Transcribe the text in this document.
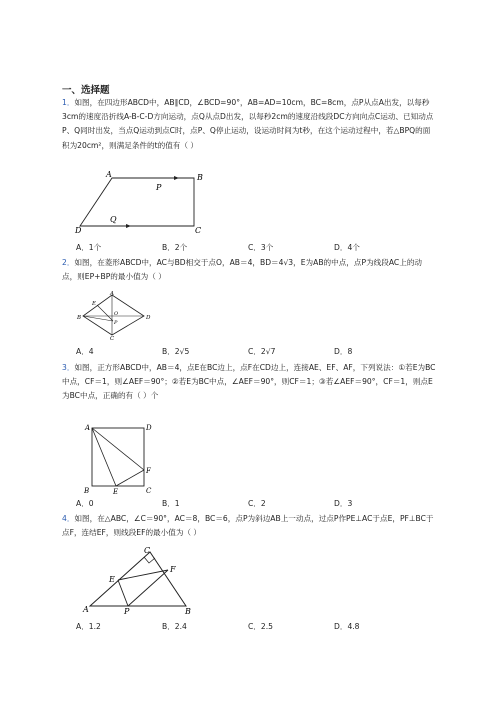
一、选择题
1．如图，在四边形ABCD中，AB∥CD，∠BCD=90°，AB=AD=10cm，BC=8cm，点P从点A出发，以每秒3cm的速度沿折线A-B-C-D方向运动，点Q从点D出发，以每秒2cm的速度沿线段DC方向向点C运动、已知动点P、Q同时出发，当点Q运动到点C时，点P、Q停止运动，设运动时间为t秒，在这个运动过程中，若△BPQ的面积为20cm²，则满足条件的t的值有（ ）
A	B
C
D
P
Q
A．1个	B．2个	C．3个	D．4个
2．如图，在菱形ABCD中，AC与BD相交于点O，AB＝4，BD＝4√3，E为AB的中点，点P为线段AC上的动点，则EP+BP的最小值为（ ）
A
B
C
D
E
O
P
A．4	B．2√5	C．2√7	D．8
3．如图，正方形ABCD中，AB＝4，点E在BC边上，点F在CD边上，连接AE、EF、AF，下列说法：①若E为BC中点，CF＝1，则∠AEF＝90°；②若E为BC中点，∠AEF＝90°，则CF＝1；③若∠AEF＝90°，CF＝1，则点E为BC中点，正确的有（ ）个
A	D
B	E	C
F
A．0	B．1	C．2	D．3
4．如图，在△ABC，∠C＝90°，AC＝8，BC＝6，点P为斜边AB上一动点，过点P作PE⊥AC于点E，PF⊥BC于点F，连结EF，则线段EF的最小值为（ ）
A	B
C
E
F
P
A．1.2	B．2.4	C．2.5	D．4.8
